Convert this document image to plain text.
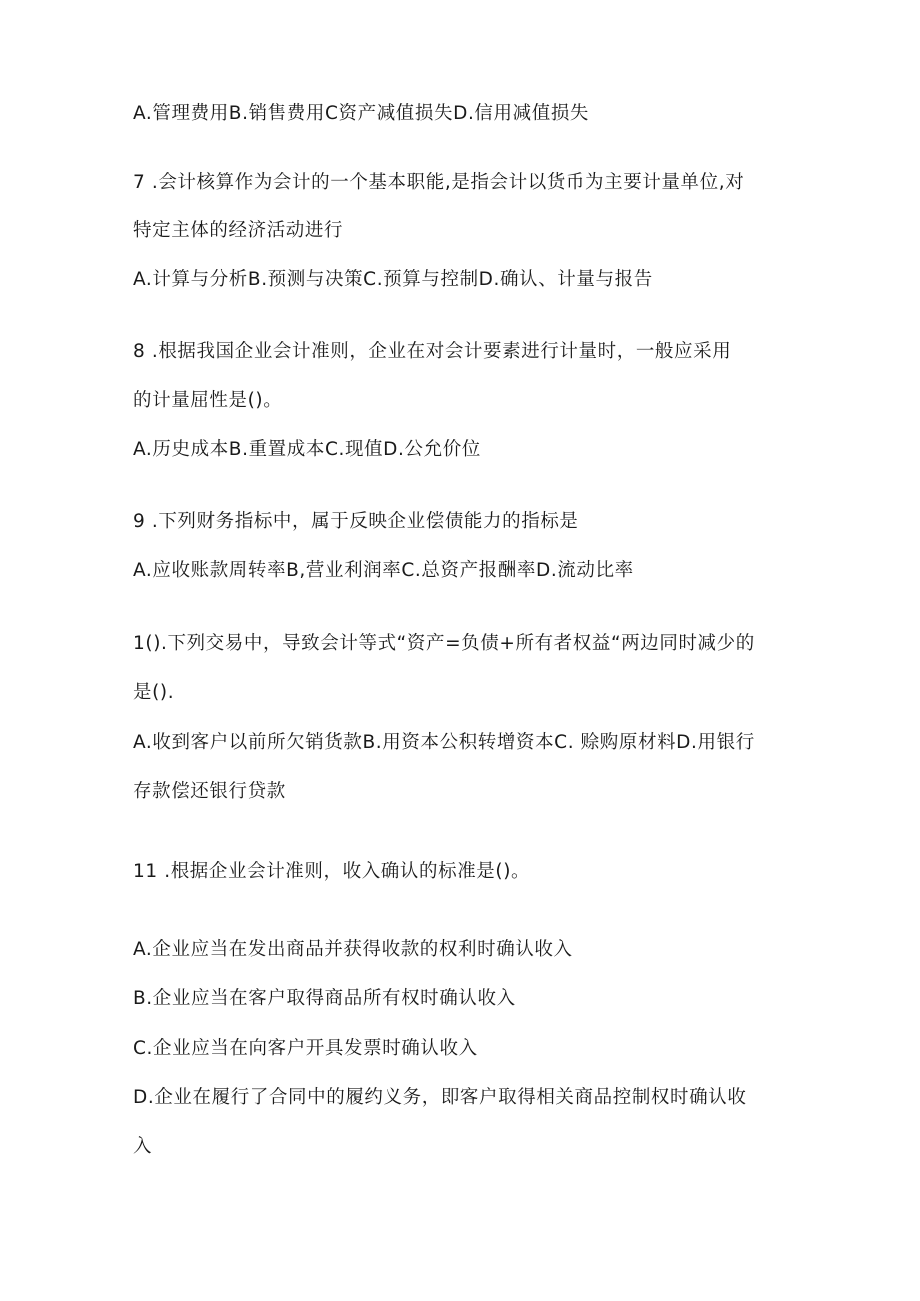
A.管理费用B.销售费用C资产减值损失D.信用减值损失
7 .会计核算作为会计的一个基本职能,是指会计以货币为主要计量单位,对
特定主体的经济活动进行
A.计算与分析B.预测与决策C.预算与控制D.确认、计量与报告
8 .根据我国企业会计准则，企业在对会计要素进行计量时，一般应采用
的计量屈性是()。
A.历史成本B.重置成本C.现值D.公允价位
9 .下列财务指标中，属于反映企业偿债能力的指标是
A.应收账款周转率B,营业利润率C.总资产报酬率D.流动比率
1().下列交易中，导致会计等式“资产=负债+所有者权益“两边同时减少的
是().
A.收到客户以前所欠销货款B.用资本公积转增资本C. 赊购原材料D.用银行
存款偿还银行贷款
11 .根据企业会计准则，收入确认的标准是()。
A.企业应当在发出商品并获得收款的权利时确认收入
B.企业应当在客户取得商品所有权时确认收入
C.企业应当在向客户开具发票时确认收入
D.企业在履行了合同中的履约义务，即客户取得相关商品控制权时确认收
入
